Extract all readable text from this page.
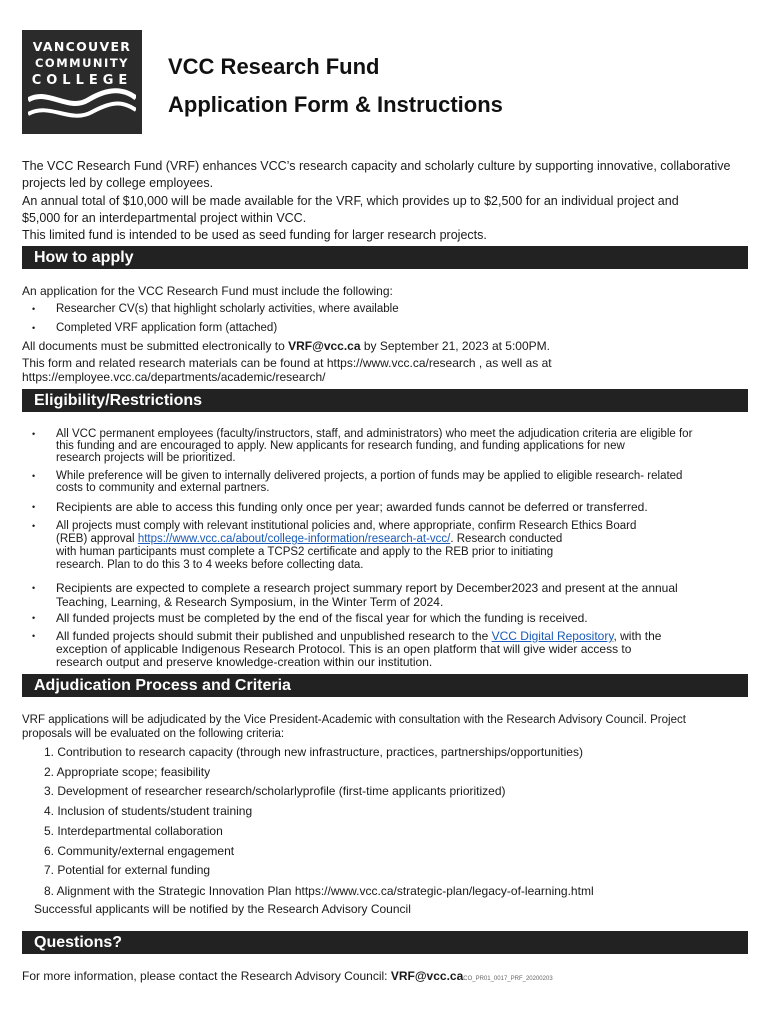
VANCOUVER
COMMUNITY
COLLEGE
VCC Research Fund
Application Form & Instructions
The VCC Research Fund (VRF) enhances VCC’s research capacity and scholarly culture by supporting innovative, collaborative
projects led by college employees.
An annual total of $10,000 will be made available for the VRF, which provides up to $2,500 for an individual project and
$5,000 for an interdepartmental project within VCC.
This limited fund is intended to be used as seed funding for larger research projects.
How to apply
An application for the VCC Research Fund must include the following:
• Researcher CV(s) that highlight scholarly activities, where available
• Completed VRF application form (attached)
All documents must be submitted electronically to VRF@vcc.ca by September 21, 2023 at 5:00PM.
This form and related research materials can be found at https://www.vcc.ca/research , as well as at
https://employee.vcc.ca/departments/academic/research/
Eligibility/Restrictions
• All VCC permanent employees (faculty/instructors, staff, and administrators) who meet the adjudication criteria are eligible for
this funding and are encouraged to apply. New applicants for research funding, and funding applications for new
research projects will be prioritized.
• While preference will be given to internally delivered projects, a portion of funds may be applied to eligible research- related
costs to community and external partners.
• Recipients are able to access this funding only once per year; awarded funds cannot be deferred or transferred.
• All projects must comply with relevant institutional policies and, where appropriate, confirm Research Ethics Board
(REB) approval https://www.vcc.ca/about/college-information/research-at-vcc/. Research conducted
with human participants must complete a TCPS2 certificate and apply to the REB prior to initiating
research. Plan to do this 3 to 4 weeks before collecting data.
• Recipients are expected to complete a research project summary report by December2023 and present at the annual
Teaching, Learning, & Research Symposium, in the Winter Term of 2024.
• All funded projects must be completed by the end of the fiscal year for which the funding is received.
• All funded projects should submit their published and unpublished research to the VCC Digital Repository, with the
exception of applicable Indigenous Research Protocol. This is an open platform that will give wider access to
research output and preserve knowledge-creation within our institution.
Adjudication Process and Criteria
VRF applications will be adjudicated by the Vice President-Academic with consultation with the Research Advisory Council. Project
proposals will be evaluated on the following criteria:
1. Contribution to research capacity (through new infrastructure, practices, partnerships/opportunities)
2. Appropriate scope; feasibility
3. Development of researcher research/scholarlyprofile (first-time applicants prioritized)
4. Inclusion of students/student training
5. Interdepartmental collaboration
6. Community/external engagement
7. Potential for external funding
8. Alignment with the Strategic Innovation Plan https://www.vcc.ca/strategic-plan/legacy-of-learning.html
Successful applicants will be notified by the Research Advisory Council
Questions?
For more information, please contact the Research Advisory Council: VRF@vcc.caCO_PR01_0017_PRF_20200203
